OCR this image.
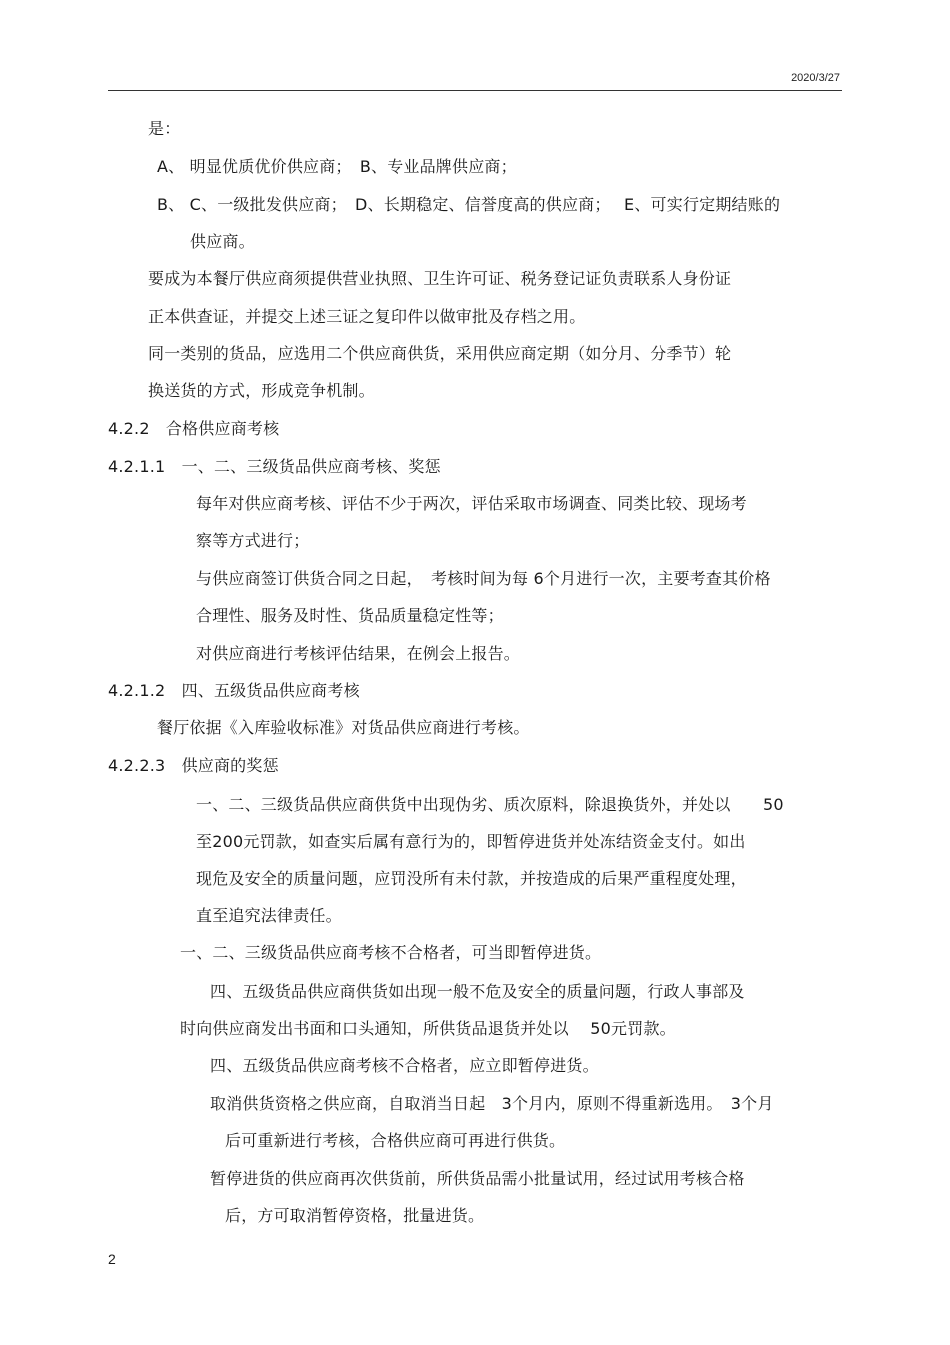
2020/3/27
是：
A、 明显优质优价供应商；　B、专业品牌供应商；
B、 C、一级批发供应商；　D、长期稳定、信誉度高的供应商；　 E、可实行定期结账的
供应商。
要成为本餐厅供应商须提供营业执照、卫生许可证、税务登记证负责联系人身份证
正本供查证，并提交上述三证之复印件以做审批及存档之用。
同一类别的货品，应选用二个供应商供货，采用供应商定期（如分月、分季节）轮
换送货的方式，形成竞争机制。
4.2.2　合格供应商考核
4.2.1.1　一、二、三级货品供应商考核、奖惩
每年对供应商考核、评估不少于两次，评估采取市场调查、同类比较、现场考
察等方式进行；
与供应商签订供货合同之日起，　考核时间为每 6个月进行一次，主要考查其价格
合理性、服务及时性、货品质量稳定性等；
对供应商进行考核评估结果，在例会上报告。
4.2.1.2　四、五级货品供应商考核
餐厅依据《入库验收标准》对货品供应商进行考核。
4.2.2.3　供应商的奖惩
一、二、三级货品供应商供货中出现伪劣、质次原料，除退换货外，并处以　　50
至200元罚款，如查实后属有意行为的，即暂停进货并处冻结资金支付。如出
现危及安全的质量问题，应罚没所有未付款，并按造成的后果严重程度处理，
直至追究法律责任。
一、二、三级货品供应商考核不合格者，可当即暂停进货。
四、五级货品供应商供货如出现一般不危及安全的质量问题，行政人事部及
时向供应商发出书面和口头通知，所供货品退货并处以　 50元罚款。
四、五级货品供应商考核不合格者，应立即暂停进货。
取消供货资格之供应商，自取消当日起　3个月内，原则不得重新选用。　3个月
后可重新进行考核，合格供应商可再进行供货。
暂停进货的供应商再次供货前，所供货品需小批量试用，经过试用考核合格
后，方可取消暂停资格，批量进货。
2
